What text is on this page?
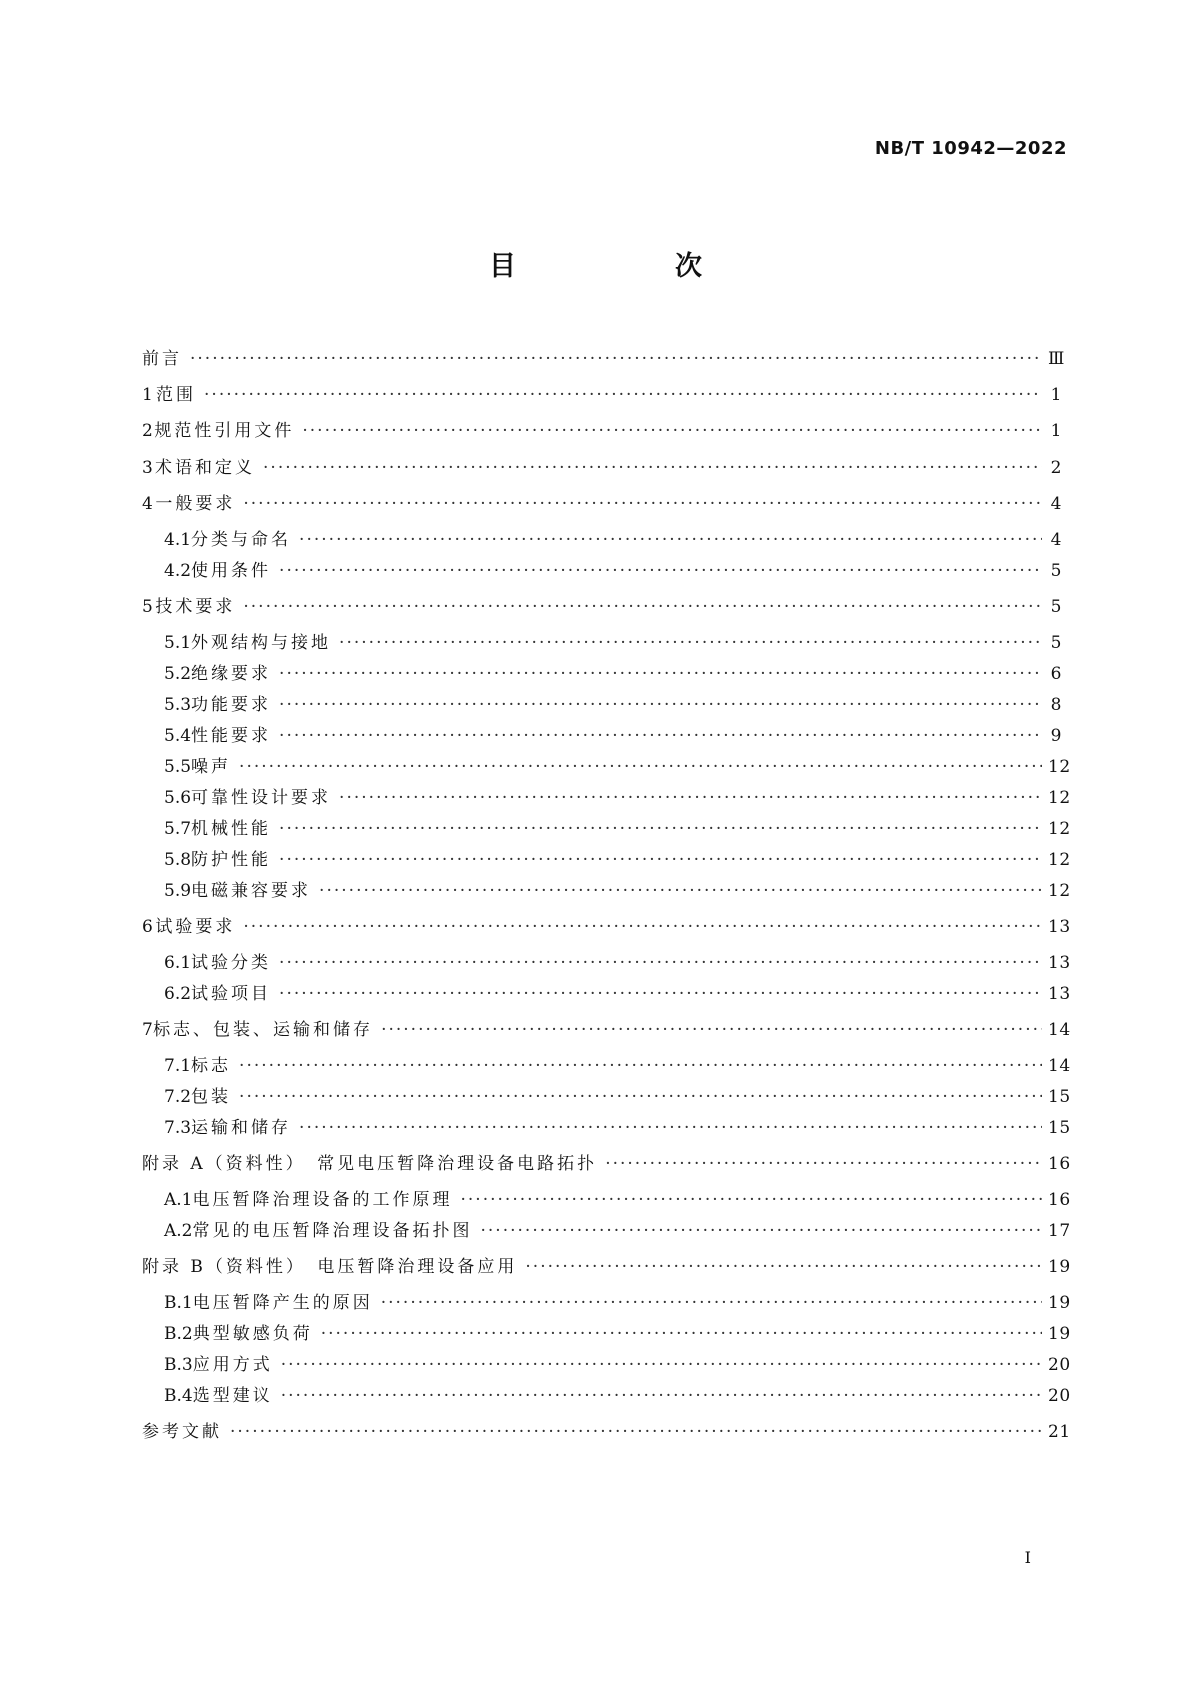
NB/T 10942—2022
目　次
前言 ·····	Ⅲ
1 范围 ·····	1
2 规范性引用文件 ·····	1
3 术语和定义 ·····	2
4 一般要求 ·····	4
4.1 分类与命名 ·····	4
4.2 使用条件 ·····	5
5 技术要求 ·····	5
5.1 外观结构与接地 ·····	5
5.2 绝缘要求 ·····	6
5.3 功能要求 ·····	8
5.4 性能要求 ·····	9
5.5 噪声 ·····	12
5.6 可靠性设计要求 ·····	12
5.7 机械性能 ·····	12
5.8 防护性能 ·····	12
5.9 电磁兼容要求 ·····	12
6 试验要求 ·····	13
6.1 试验分类 ·····	13
6.2 试验项目 ·····	13
7 标志、包装、运输和储存 ·····	14
7.1 标志 ·····	14
7.2 包装 ·····	15
7.3 运输和储存 ·····	15
附录 A（资料性）　常见电压暂降治理设备电路拓扑 ·····	16
A.1 电压暂降治理设备的工作原理 ·····	16
A.2 常见的电压暂降治理设备拓扑图 ·····	17
附录 B（资料性）　电压暂降治理设备应用 ·····	19
B.1 电压暂降产生的原因 ·····	19
B.2 典型敏感负荷 ·····	19
B.3 应用方式 ·····	20
B.4 选型建议 ·····	20
参考文献 ·····	21
Ⅰ
